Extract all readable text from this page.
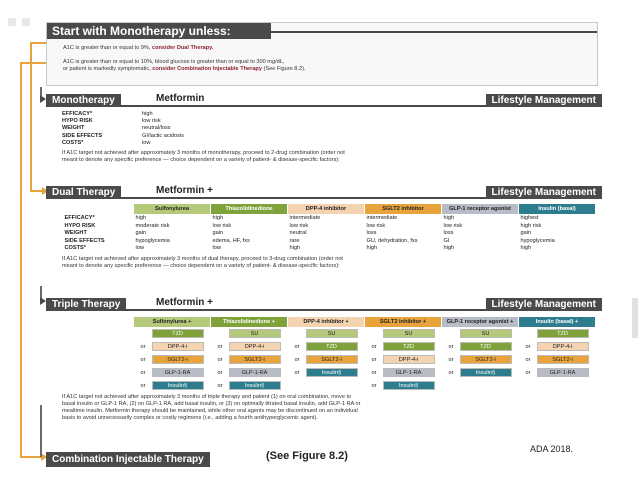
Start with Monotherapy unless:
A1C is greater than or equal to 9%, consider Dual Therapy.
A1C is greater than or equal to 10%, blood glucose is greater than or equal to 300 mg/dL,
or patient is markedly symptomatic, consider Combination Injectable Therapy (See Figure 8.2).
Monotherapy	Metformin	Lifestyle Management
EFFICACY*	high
HYPO RISK	low risk
WEIGHT	neutral/loss
SIDE EFFECTS	GI/lactic acidosis
COSTS*	low
If A1C target not achieved after approximately 3 months of monotherapy, proceed to 2-drug combination (order not
meant to denote any specific preference — choice dependent on a variety of patient- & disease-specific factors):
Dual Therapy	Metformin +	Lifestyle Management
	Sulfonylurea	Thiazolidinedione	DPP-4 inhibitor	SGLT2 inhibitor	GLP-1 receptor agonist	Insulin (basal)
EFFICACY*	high	high	intermediate	intermediate	high	highest
HYPO RISK	moderate risk	low risk	low risk	low risk	low risk	high risk
WEIGHT	gain	gain	neutral	loss	loss	gain
SIDE EFFECTS	hypoglycemia	edema, HF, fxs	rare	GU, dehydration, fxs	GI	hypoglycemia
COSTS*	low	low	high	high	high	high
If A1C target not achieved after approximately 3 months of dual therapy, proceed to 3-drug combination (order not
meant to denote any specific preference — choice dependent on a variety of patient- & disease-specific factors):
Triple Therapy	Metformin +	Lifestyle Management
	Sulfonylurea +	Thiazolidinedione +	DPP-4 inhibitor +	SGLT2 inhibitor +	GLP-1 receptor agonist +	Insulin (basal) +
	TZD	SU	SU	SU	SU	TZD
	or DPP-4-i	or DPP-4-i	or TZD	or TZD	or TZD	or DPP-4-i
	or SGLT2-i	or SGLT2-i	or SGLT2-i	or DPP-4-i	or SGLT2-i	or SGLT2-i
	or GLP-1-RA	or GLP-1-RA	or Insulin§	or GLP-1-RA	or Insulin§	or GLP-1-RA
	or Insulin§	or Insulin§		or Insulin§		
If A1C target not achieved after approximately 3 months of triple therapy and patient (1) on oral combination, move to
basal insulin or GLP-1 RA, (2) on GLP-1 RA, add basal insulin, or (3) on optimally titrated basal insulin, add GLP-1 RA or
mealtime insulin. Metformin therapy should be maintained, while other oral agents may be discontinued on an individual
basis to avoid unnecessarily complex or costly regimens (i.e., adding a fourth antihyperglycemic agent).
Combination Injectable Therapy	(See Figure 8.2)
ADA 2018.
